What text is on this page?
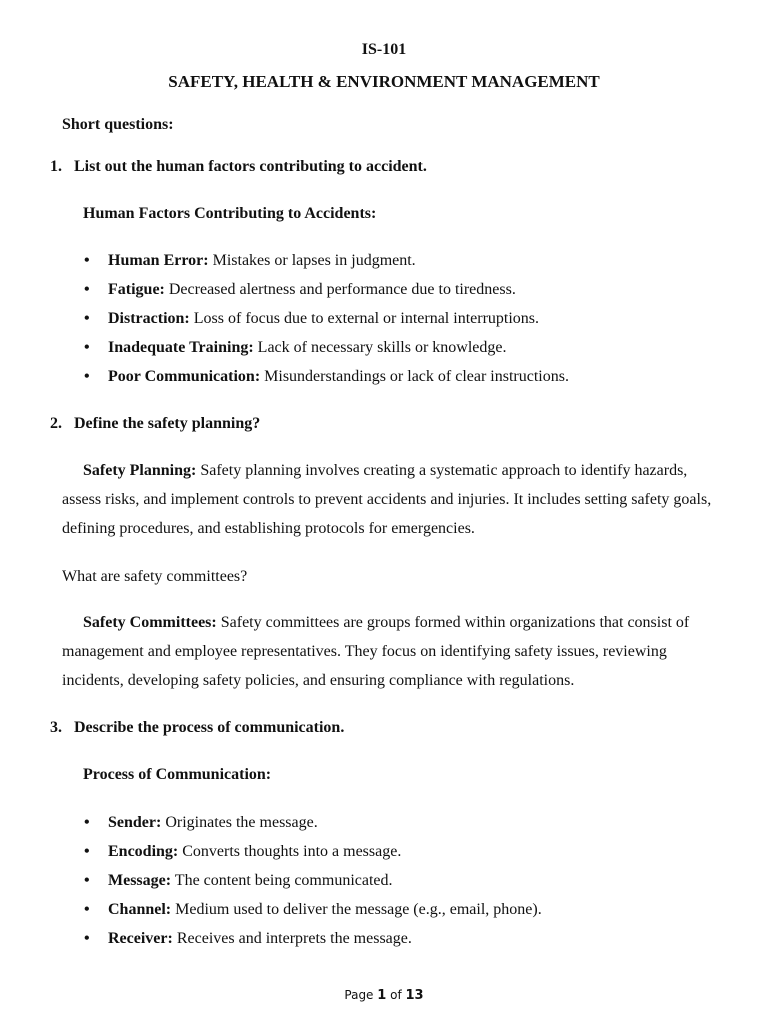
IS-101
SAFETY, HEALTH & ENVIRONMENT MANAGEMENT
Short questions:
1. List out the human factors contributing to accident.
Human Factors Contributing to Accidents:
• Human Error: Mistakes or lapses in judgment.
• Fatigue: Decreased alertness and performance due to tiredness.
• Distraction: Loss of focus due to external or internal interruptions.
• Inadequate Training: Lack of necessary skills or knowledge.
• Poor Communication: Misunderstandings or lack of clear instructions.
2. Define the safety planning?
Safety Planning: Safety planning involves creating a systematic approach to identify hazards,
assess risks, and implement controls to prevent accidents and injuries. It includes setting safety goals,
defining procedures, and establishing protocols for emergencies.
What are safety committees?
Safety Committees: Safety committees are groups formed within organizations that consist of
management and employee representatives. They focus on identifying safety issues, reviewing
incidents, developing safety policies, and ensuring compliance with regulations.
3. Describe the process of communication.
Process of Communication:
• Sender: Originates the message.
• Encoding: Converts thoughts into a message.
• Message: The content being communicated.
• Channel: Medium used to deliver the message (e.g., email, phone).
• Receiver: Receives and interprets the message.
Page 1 of 13
